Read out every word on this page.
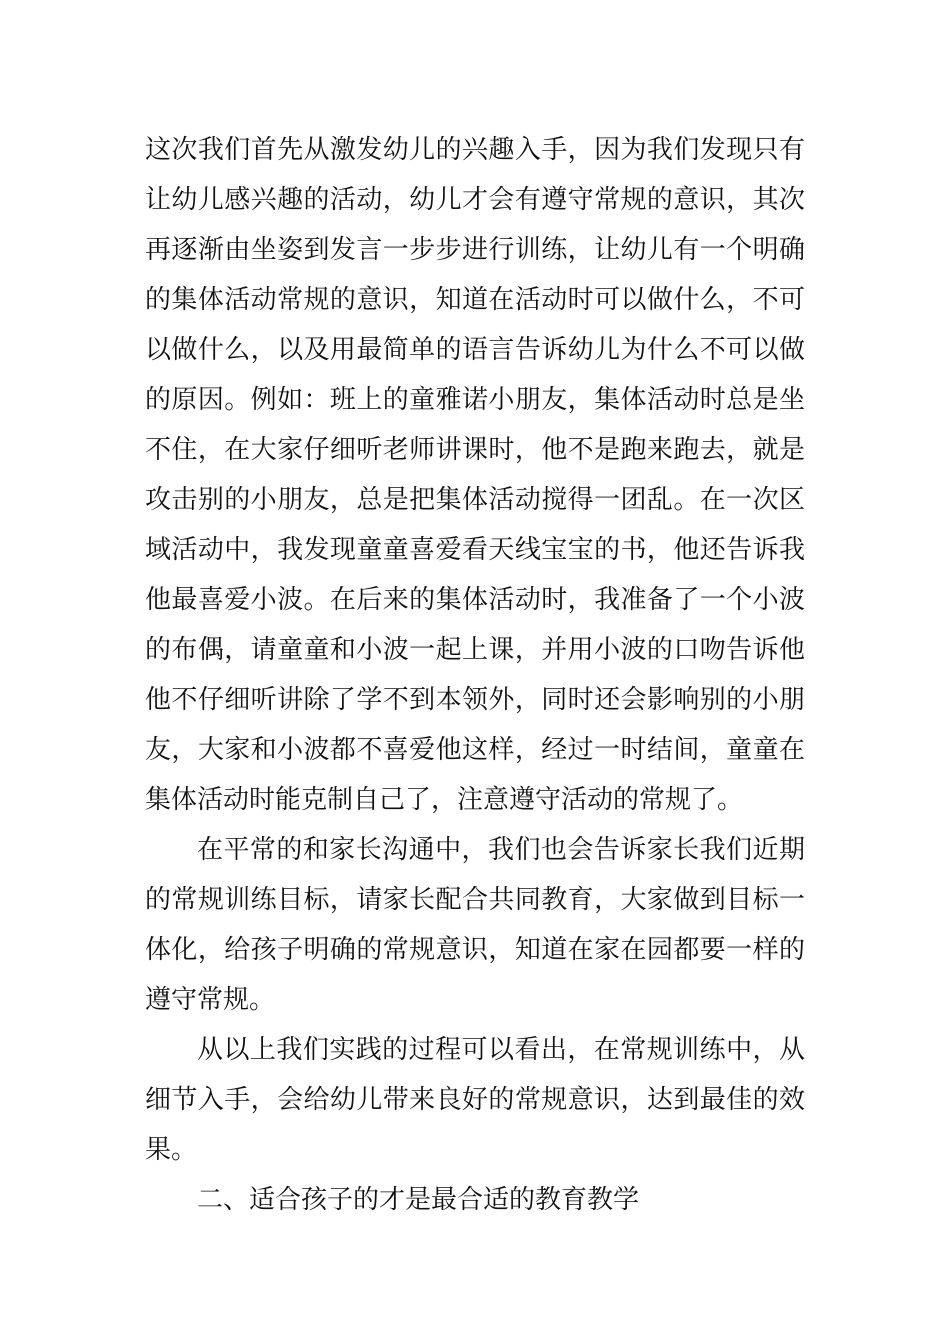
这次我们首先从激发幼儿的兴趣入手，因为我们发现只有
让幼儿感兴趣的活动，幼儿才会有遵守常规的意识，其次
再逐渐由坐姿到发言一步步进行训练，让幼儿有一个明确
的集体活动常规的意识，知道在活动时可以做什么，不可
以做什么，以及用最简单的语言告诉幼儿为什么不可以做
的原因。例如：班上的童雅诺小朋友，集体活动时总是坐
不住，在大家仔细听老师讲课时，他不是跑来跑去，就是
攻击别的小朋友，总是把集体活动搅得一团乱。在一次区
域活动中，我发现童童喜爱看天线宝宝的书，他还告诉我
他最喜爱小波。在后来的集体活动时，我准备了一个小波
的布偶，请童童和小波一起上课，并用小波的口吻告诉他
他不仔细听讲除了学不到本领外，同时还会影响别的小朋
友，大家和小波都不喜爱他这样，经过一时结间，童童在
集体活动时能克制自己了，注意遵守活动的常规了。
在平常的和家长沟通中，我们也会告诉家长我们近期
的常规训练目标，请家长配合共同教育，大家做到目标一
体化，给孩子明确的常规意识，知道在家在园都要一样的
遵守常规。
从以上我们实践的过程可以看出，在常规训练中，从
细节入手，会给幼儿带来良好的常规意识，达到最佳的效
果。
二、适合孩子的才是最合适的教育教学
